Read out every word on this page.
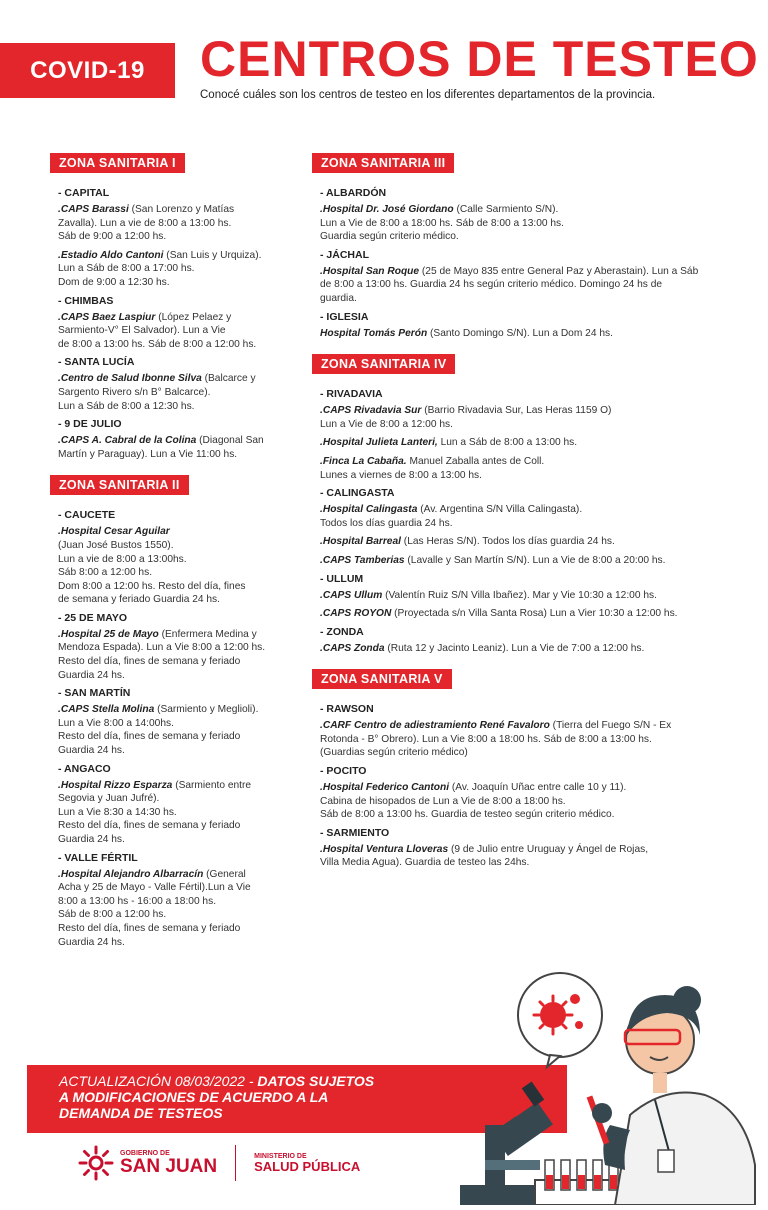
COVID-19	CENTROS DE TESTEO
Conocé cuáles son los centros de testeo en los diferentes departamentos de la provincia.
ZONA SANITARIA I
- CAPITAL
.CAPS Barassi (San Lorenzo y Matías
Zavalla). Lun a vie de 8:00 a 13:00 hs.
Sáb de 9:00 a 12:00 hs.
.Estadio Aldo Cantoni (San Luis y Urquiza).
Lun a Sáb de 8:00 a 17:00 hs.
Dom de 9:00 a 12:30 hs.
- CHIMBAS
.CAPS Baez Laspiur (López Pelaez y
Sarmiento-V° El Salvador). Lun a Vie
de 8:00 a 13:00 hs. Sáb de 8:00 a 12:00 hs.
- SANTA LUCÍA
.Centro de Salud Ibonne Silva (Balcarce y
Sargento Rivero s/n B° Balcarce).
Lun a Sáb de 8:00 a 12:30 hs.
- 9 DE JULIO
.CAPS A. Cabral de la Colina (Diagonal San
Martín y Paraguay). Lun a Vie 11:00 hs.
ZONA SANITARIA II
- CAUCETE
.Hospital Cesar Aguilar
(Juan José Bustos 1550).
Lun a vie de 8:00 a 13:00hs.
Sáb 8:00 a 12:00 hs.
Dom 8:00 a 12:00 hs. Resto del día, fines
de semana y feriado Guardia 24 hs.
- 25 DE MAYO
.Hospital 25 de Mayo (Enfermera Medina y
Mendoza Espada). Lun a Vie 8:00 a 12:00 hs.
Resto del día, fines de semana y feriado
Guardia 24 hs.
- SAN MARTÍN
.CAPS Stella Molina (Sarmiento y Meglioli).
Lun a Vie 8:00 a 14:00hs.
Resto del día, fines de semana y feriado
Guardia 24 hs.
- ANGACO
.Hospital Rizzo Esparza (Sarmiento entre
Segovia y Juan Jufré).
Lun a Vie 8:30 a 14:30 hs.
Resto del día, fines de semana y feriado
Guardia 24 hs.
- VALLE FÉRTIL
.Hospital Alejandro Albarracín (General
Acha y 25 de Mayo - Valle Fértil).Lun a Vie
8:00 a 13:00 hs - 16:00 a 18:00 hs.
Sáb de 8:00 a 12:00 hs.
Resto del día, fines de semana y feriado
Guardia 24 hs.
ZONA SANITARIA III
- ALBARDÓN
.Hospital Dr. José Giordano (Calle Sarmiento S/N).
Lun a Vie de 8:00 a 18:00 hs. Sáb de 8:00 a 13:00 hs.
Guardia según criterio médico.
- JÁCHAL
.Hospital San Roque (25 de Mayo 835 entre General Paz y Aberastain). Lun a Sáb
de 8:00 a 13:00 hs. Guardia 24 hs según criterio médico. Domingo 24 hs de
guardia.
- IGLESIA
Hospital Tomás Perón (Santo Domingo S/N). Lun a Dom 24 hs.
ZONA SANITARIA IV
- RIVADAVIA
.CAPS Rivadavia Sur (Barrio Rivadavia Sur, Las Heras 1159 O)
Lun a Vie de 8:00 a 12:00 hs.
.Hospital Julieta Lanteri, Lun a Sáb de 8:00 a 13:00 hs.
.Finca La Cabaña. Manuel Zaballa antes de Coll.
Lunes a viernes de 8:00 a 13:00 hs.
- CALINGASTA
.Hospital Calingasta (Av. Argentina S/N Villa Calingasta).
Todos los días guardia 24 hs.
.Hospital Barreal (Las Heras S/N). Todos los días guardia 24 hs.
.CAPS Tamberias (Lavalle y San Martín S/N). Lun a Vie de 8:00 a 20:00 hs.
- ULLUM
.CAPS Ullum (Valentín Ruiz S/N Villa Ibañez). Mar y Vie 10:30 a 12:00 hs.
.CAPS ROYON (Proyectada s/n Villa Santa Rosa) Lun a Vier 10:30 a 12:00 hs.
- ZONDA
.CAPS Zonda (Ruta 12 y Jacinto Leaniz). Lun a Vie de 7:00 a 12:00 hs.
ZONA SANITARIA V
- RAWSON
.CARF Centro de adiestramiento René Favaloro (Tierra del Fuego S/N - Ex
Rotonda - B° Obrero). Lun a Vie 8:00 a 18:00 hs. Sáb de 8:00 a 13:00 hs.
(Guardias según criterio médico)
- POCITO
.Hospital Federico Cantoni (Av. Joaquín Uñac entre calle 10 y 11).
Cabina de hisopados de Lun a Vie de 8:00 a 18:00 hs.
Sáb de 8:00 a 13:00 hs. Guardia de testeo según criterio médico.
- SARMIENTO
.Hospital Ventura Lloveras (9 de Julio entre Uruguay y Ángel de Rojas,
Villa Media Agua). Guardia de testeo las 24hs.
ACTUALIZACIÓN 08/03/2022 - DATOS SUJETOS
A MODIFICACIONES DE ACUERDO A LA
DEMANDA DE TESTEOS
GOBIERNO DE
SAN JUAN	MINISTERIO DE
SALUD PÚBLICA
